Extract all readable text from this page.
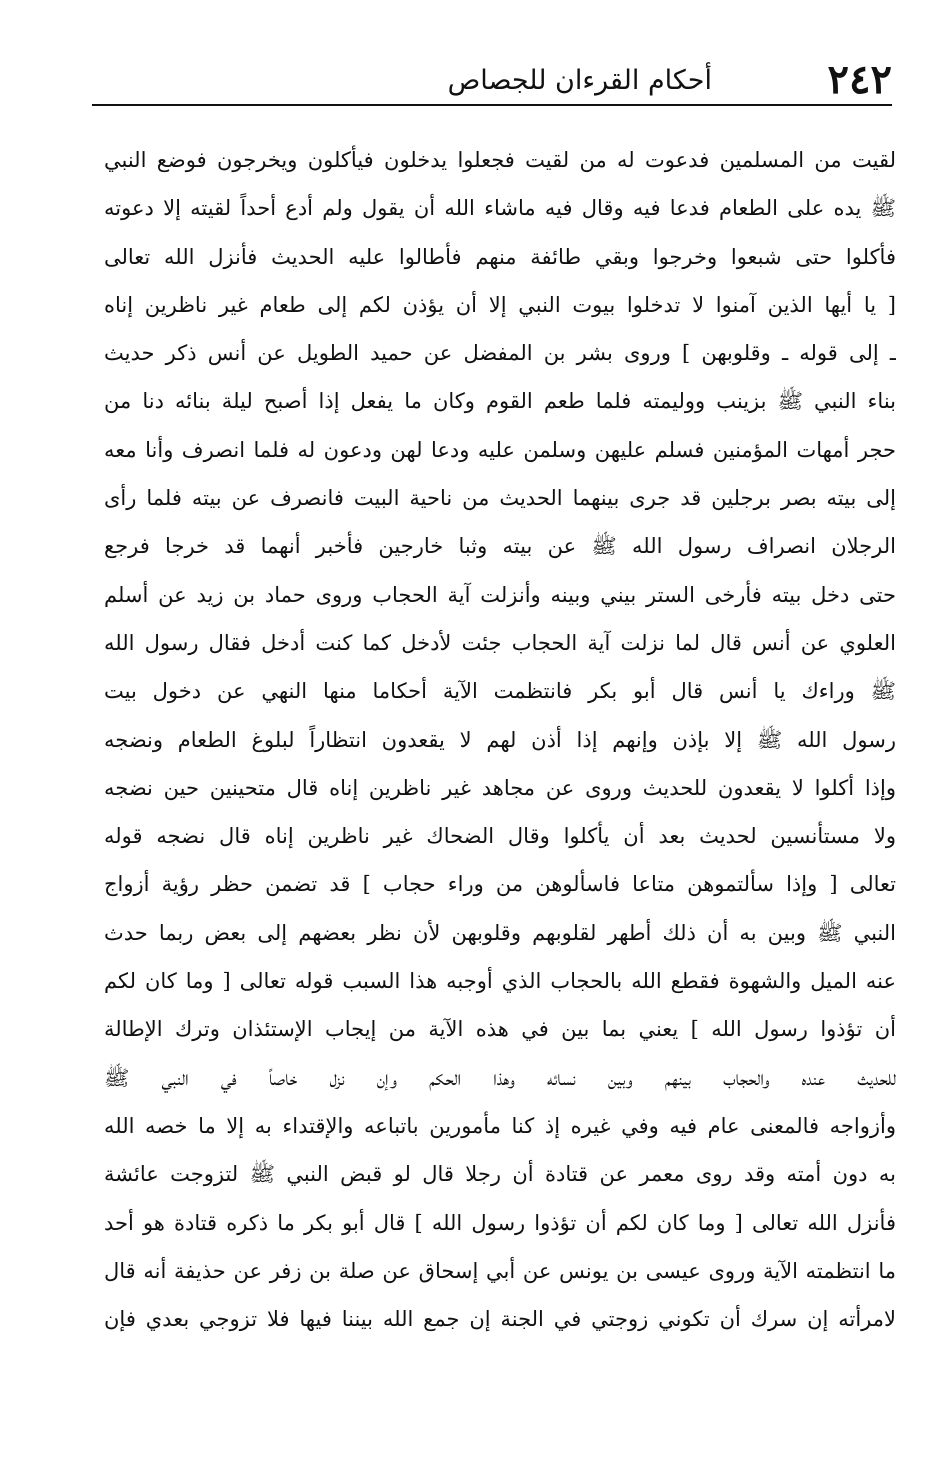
٢٤٢
أحكام القرءان للجصاص
لقيت من المسلمين فدعوت له من لقيت فجعلوا يدخلون فيأكلون ويخرجون فوضع النبي
ﷺ يده على الطعام فدعا فيه وقال فيه ماشاء الله أن يقول ولم أدع أحداً لقيته إلا دعوته
فأكلوا حتى شبعوا وخرجوا وبقي طائفة منهم فأطالوا عليه الحديث فأنزل الله تعالى
[ يا أيها الذين آمنوا لا تدخلوا بيوت النبي إلا أن يؤذن لكم إلى طعام غير ناظرين إناه
ـ إلى قوله ـ وقلوبهن ] وروى بشر بن المفضل عن حميد الطويل عن أنس ذكر حديث
بناء النبي ﷺ بزينب ووليمته فلما طعم القوم وكان ما يفعل إذا أصبح ليلة بنائه دنا من
حجر أمهات المؤمنين فسلم عليهن وسلمن عليه ودعا لهن ودعون له فلما انصرف وأنا معه
إلى بيته بصر برجلين قد جرى بينهما الحديث من ناحية البيت فانصرف عن بيته فلما رأى
الرجلان انصراف رسول الله ﷺ عن بيته وثبا خارجين فأخبر أنهما قد خرجا فرجع
حتى دخل بيته فأرخى الستر بيني وبينه وأنزلت آية الحجاب وروى حماد بن زيد عن أسلم
العلوي عن أنس قال لما نزلت آية الحجاب جئت لأدخل كما كنت أدخل فقال رسول الله
ﷺ وراءك يا أنس قال أبو بكر فانتظمت الآية أحكاما منها النهي عن دخول بيت
رسول الله ﷺ إلا بإذن وإنهم إذا أذن لهم لا يقعدون انتظاراً لبلوغ الطعام ونضجه
وإذا أكلوا لا يقعدون للحديث وروى عن مجاهد غير ناظرين إناه قال متحينين حين نضجه
ولا مستأنسين لحديث بعد أن يأكلوا وقال الضحاك غير ناظرين إناه قال نضجه قوله
تعالى [ وإذا سألتموهن متاعا فاسألوهن من وراء حجاب ] قد تضمن حظر رؤية أزواج
النبي ﷺ وبين به أن ذلك أطهر لقلوبهم وقلوبهن لأن نظر بعضهم إلى بعض ربما حدث
عنه الميل والشهوة فقطع الله بالحجاب الذي أوجبه هذا السبب قوله تعالى [ وما كان لكم
أن تؤذوا رسول الله ] يعني بما بين في هذه الآية من إيجاب الإستئذان وترك الإطالة
للحديث عنده والحجاب بينهم وبين نسائه وهذا الحكم وإن نزل خاصاً في النبي ﷺ
وأزواجه فالمعنى عام فيه وفي غيره إذ كنا مأمورين باتباعه والإقتداء به إلا ما خصه الله
به دون أمته وقد روى معمر عن قتادة أن رجلا قال لو قبض النبي ﷺ لتزوجت عائشة
فأنزل الله تعالى [ وما كان لكم أن تؤذوا رسول الله ] قال أبو بكر ما ذكره قتادة هو أحد
ما انتظمته الآية وروى عيسى بن يونس عن أبي إسحاق عن صلة بن زفر عن حذيفة أنه قال
لامرأته إن سرك أن تكوني زوجتي في الجنة إن جمع الله بيننا فيها فلا تزوجي بعدي فإن
